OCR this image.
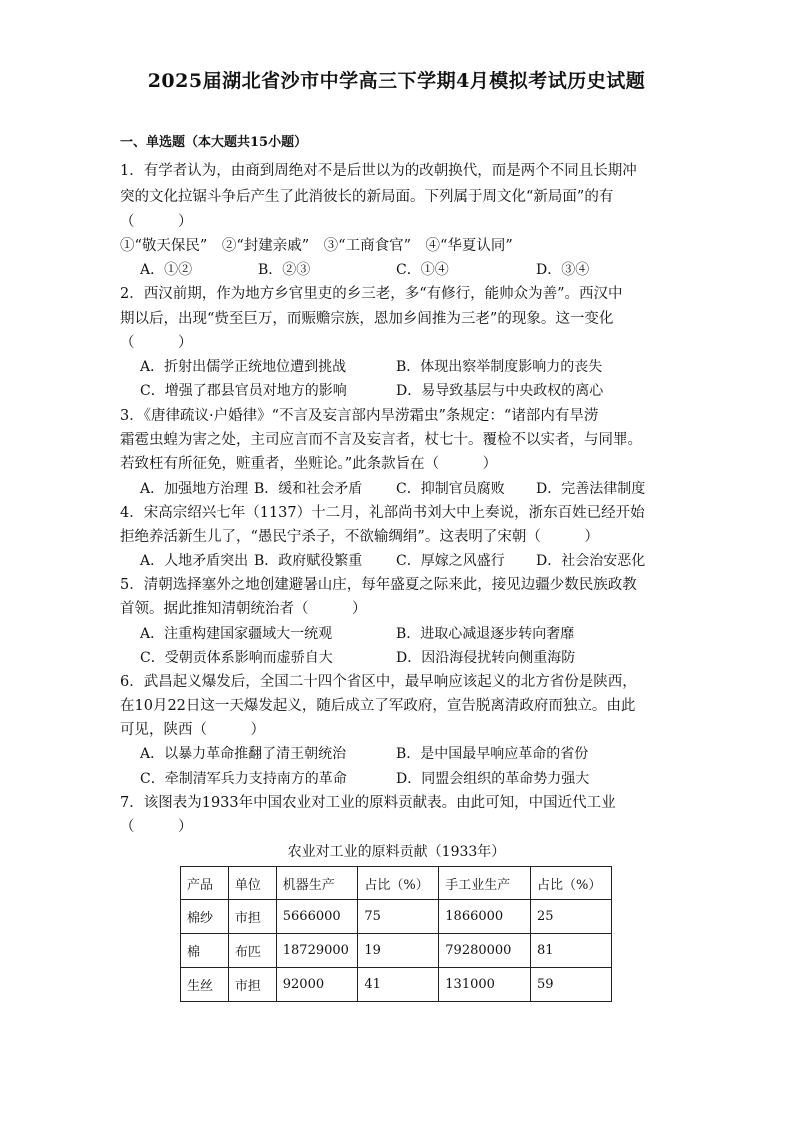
2025届湖北省沙市中学高三下学期4月模拟考试历史试题
一、单选题（本大题共15小题）
1．有学者认为，由商到周绝对不是后世以为的改朝换代，而是两个不同且长期冲
突的文化拉锯斗争后产生了此消彼长的新局面。下列属于周文化“新局面”的有
（　　　）
①“敬天保民”　②“封建亲戚”　③“工商食官”　④“华夏认同”
A．①②	B．②③	C．①④	D．③④
2．西汉前期，作为地方乡官里吏的乡三老，多“有修行，能帅众为善”。西汉中
期以后，出现“赀至巨万，而赈赡宗族，恩加乡闾推为三老”的现象。这一变化
（　　　）
A．折射出儒学正统地位遭到挑战	B．体现出察举制度影响力的丧失
C．增强了郡县官员对地方的影响	D．易导致基层与中央政权的离心
3．《唐律疏议·户婚律》“不言及妄言部内旱涝霜虫”条规定：“诸部内有旱涝
霜雹虫蝗为害之处，主司应言而不言及妄言者，杖七十。覆检不以实者，与同罪。
若致枉有所征免，赃重者，坐赃论。”此条款旨在（　　　）
A．加强地方治理 B．缓和社会矛盾 C．抑制官员腐败 D．完善法律制度
4．宋高宗绍兴七年（1137）十二月，礼部尚书刘大中上奏说，浙东百姓已经开始
拒绝养活新生儿了，“愚民宁杀子，不欲输绸绢”。这表明了宋朝（　　　）
A．人地矛盾突出 B．政府赋役繁重 C．厚嫁之风盛行 D．社会治安恶化
5．清朝选择塞外之地创建避暑山庄，每年盛夏之际来此，接见边疆少数民族政教
首领。据此推知清朝统治者（　　　）
A．注重构建国家疆域大一统观	B．进取心减退逐步转向奢靡
C．受朝贡体系影响而虚骄自大	D．因沿海侵扰转向侧重海防
6．武昌起义爆发后，全国二十四个省区中，最早响应该起义的北方省份是陕西，
在10月22日这一天爆发起义，随后成立了军政府，宣告脱离清政府而独立。由此
可见，陕西（　　　）
A．以暴力革命推翻了清王朝统治	B．是中国最早响应革命的省份
C．牵制清军兵力支持南方的革命	D．同盟会组织的革命势力强大
7．该图表为1933年中国农业对工业的原料贡献表。由此可知，中国近代工业
（　　　）
农业对工业的原料贡献（1933年）
产品	单位	机器生产	占比（%）	手工业生产	占比（%）
棉纱	市担	5666000	75	1866000	25
棉	布匹	18729000	19	79280000	81
生丝	市担	92000	41	131000	59
